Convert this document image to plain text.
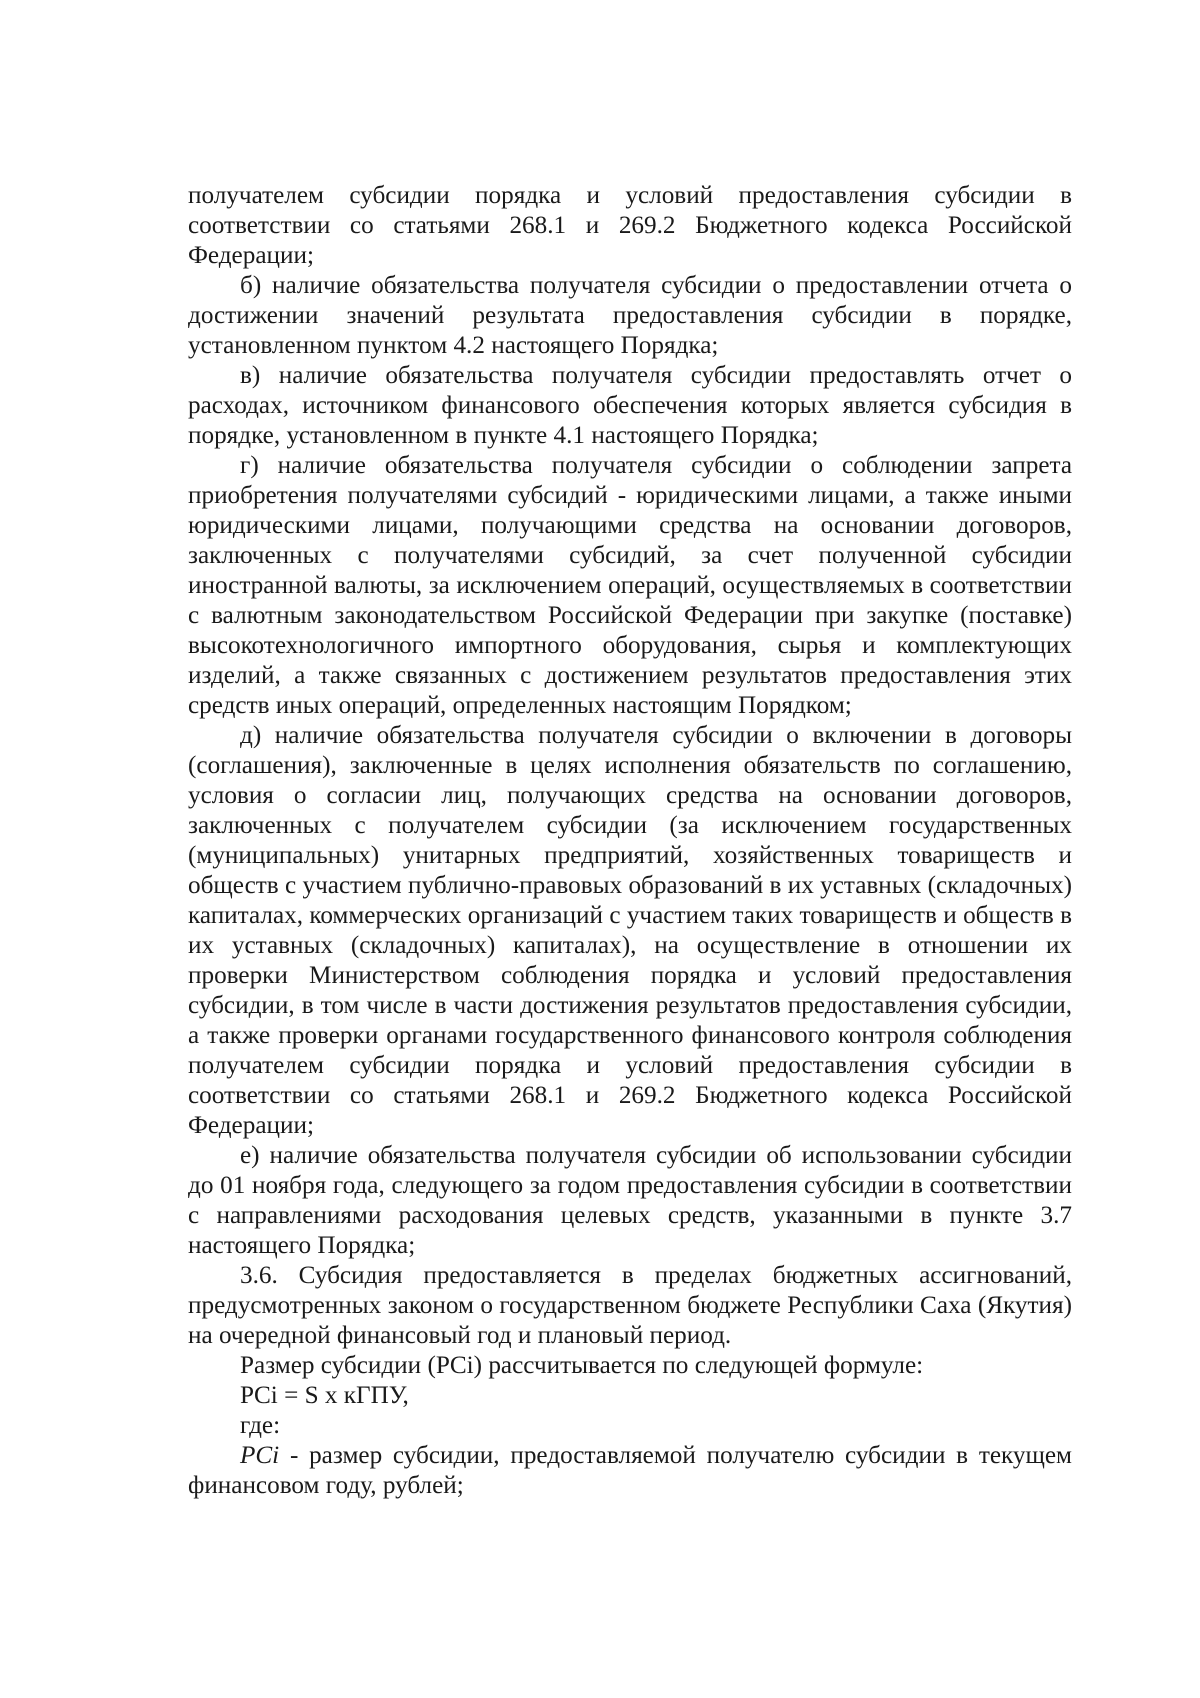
получателем субсидии порядка и условий предоставления субсидии в соответствии со статьями 268.1 и 269.2 Бюджетного кодекса Российской Федерации;

б) наличие обязательства получателя субсидии о предоставлении отчета о достижении значений результата предоставления субсидии в порядке, установленном пунктом 4.2 настоящего Порядка;

в) наличие обязательства получателя субсидии предоставлять отчет о расходах, источником финансового обеспечения которых является субсидия в порядке, установленном в пункте 4.1 настоящего Порядка;

г) наличие обязательства получателя субсидии о соблюдении запрета приобретения получателями субсидий - юридическими лицами, а также иными юридическими лицами, получающими средства на основании договоров, заключенных с получателями субсидий, за счет полученной субсидии иностранной валюты, за исключением операций, осуществляемых в соответствии с валютным законодательством Российской Федерации при закупке (поставке) высокотехнологичного импортного оборудования, сырья и комплектующих изделий, а также связанных с достижением результатов предоставления этих средств иных операций, определенных настоящим Порядком;

д) наличие обязательства получателя субсидии о включении в договоры (соглашения), заключенные в целях исполнения обязательств по соглашению, условия о согласии лиц, получающих средства на основании договоров, заключенных с получателем субсидии (за исключением государственных (муниципальных) унитарных предприятий, хозяйственных товариществ и обществ с участием публично-правовых образований в их уставных (складочных) капиталах, коммерческих организаций с участием таких товариществ и обществ в их уставных (складочных) капиталах), на осуществление в отношении их проверки Министерством соблюдения порядка и условий предоставления субсидии, в том числе в части достижения результатов предоставления субсидии, а также проверки органами государственного финансового контроля соблюдения получателем субсидии порядка и условий предоставления субсидии в соответствии со статьями 268.1 и 269.2 Бюджетного кодекса Российской Федерации;

е) наличие обязательства получателя субсидии об использовании субсидии до 01 ноября года, следующего за годом предоставления субсидии в соответствии с направлениями расходования целевых средств, указанными в пункте 3.7 настоящего Порядка;

3.6. Субсидия предоставляется в пределах бюджетных ассигнований, предусмотренных законом о государственном бюджете Республики Саха (Якутия) на очередной финансовый год и плановый период.

Размер субсидии (PCi) рассчитывается по следующей формуле:

PCi = S x кГПУ,

где:

PCi - размер субсидии, предоставляемой получателю субсидии в текущем финансовом году, рублей;
